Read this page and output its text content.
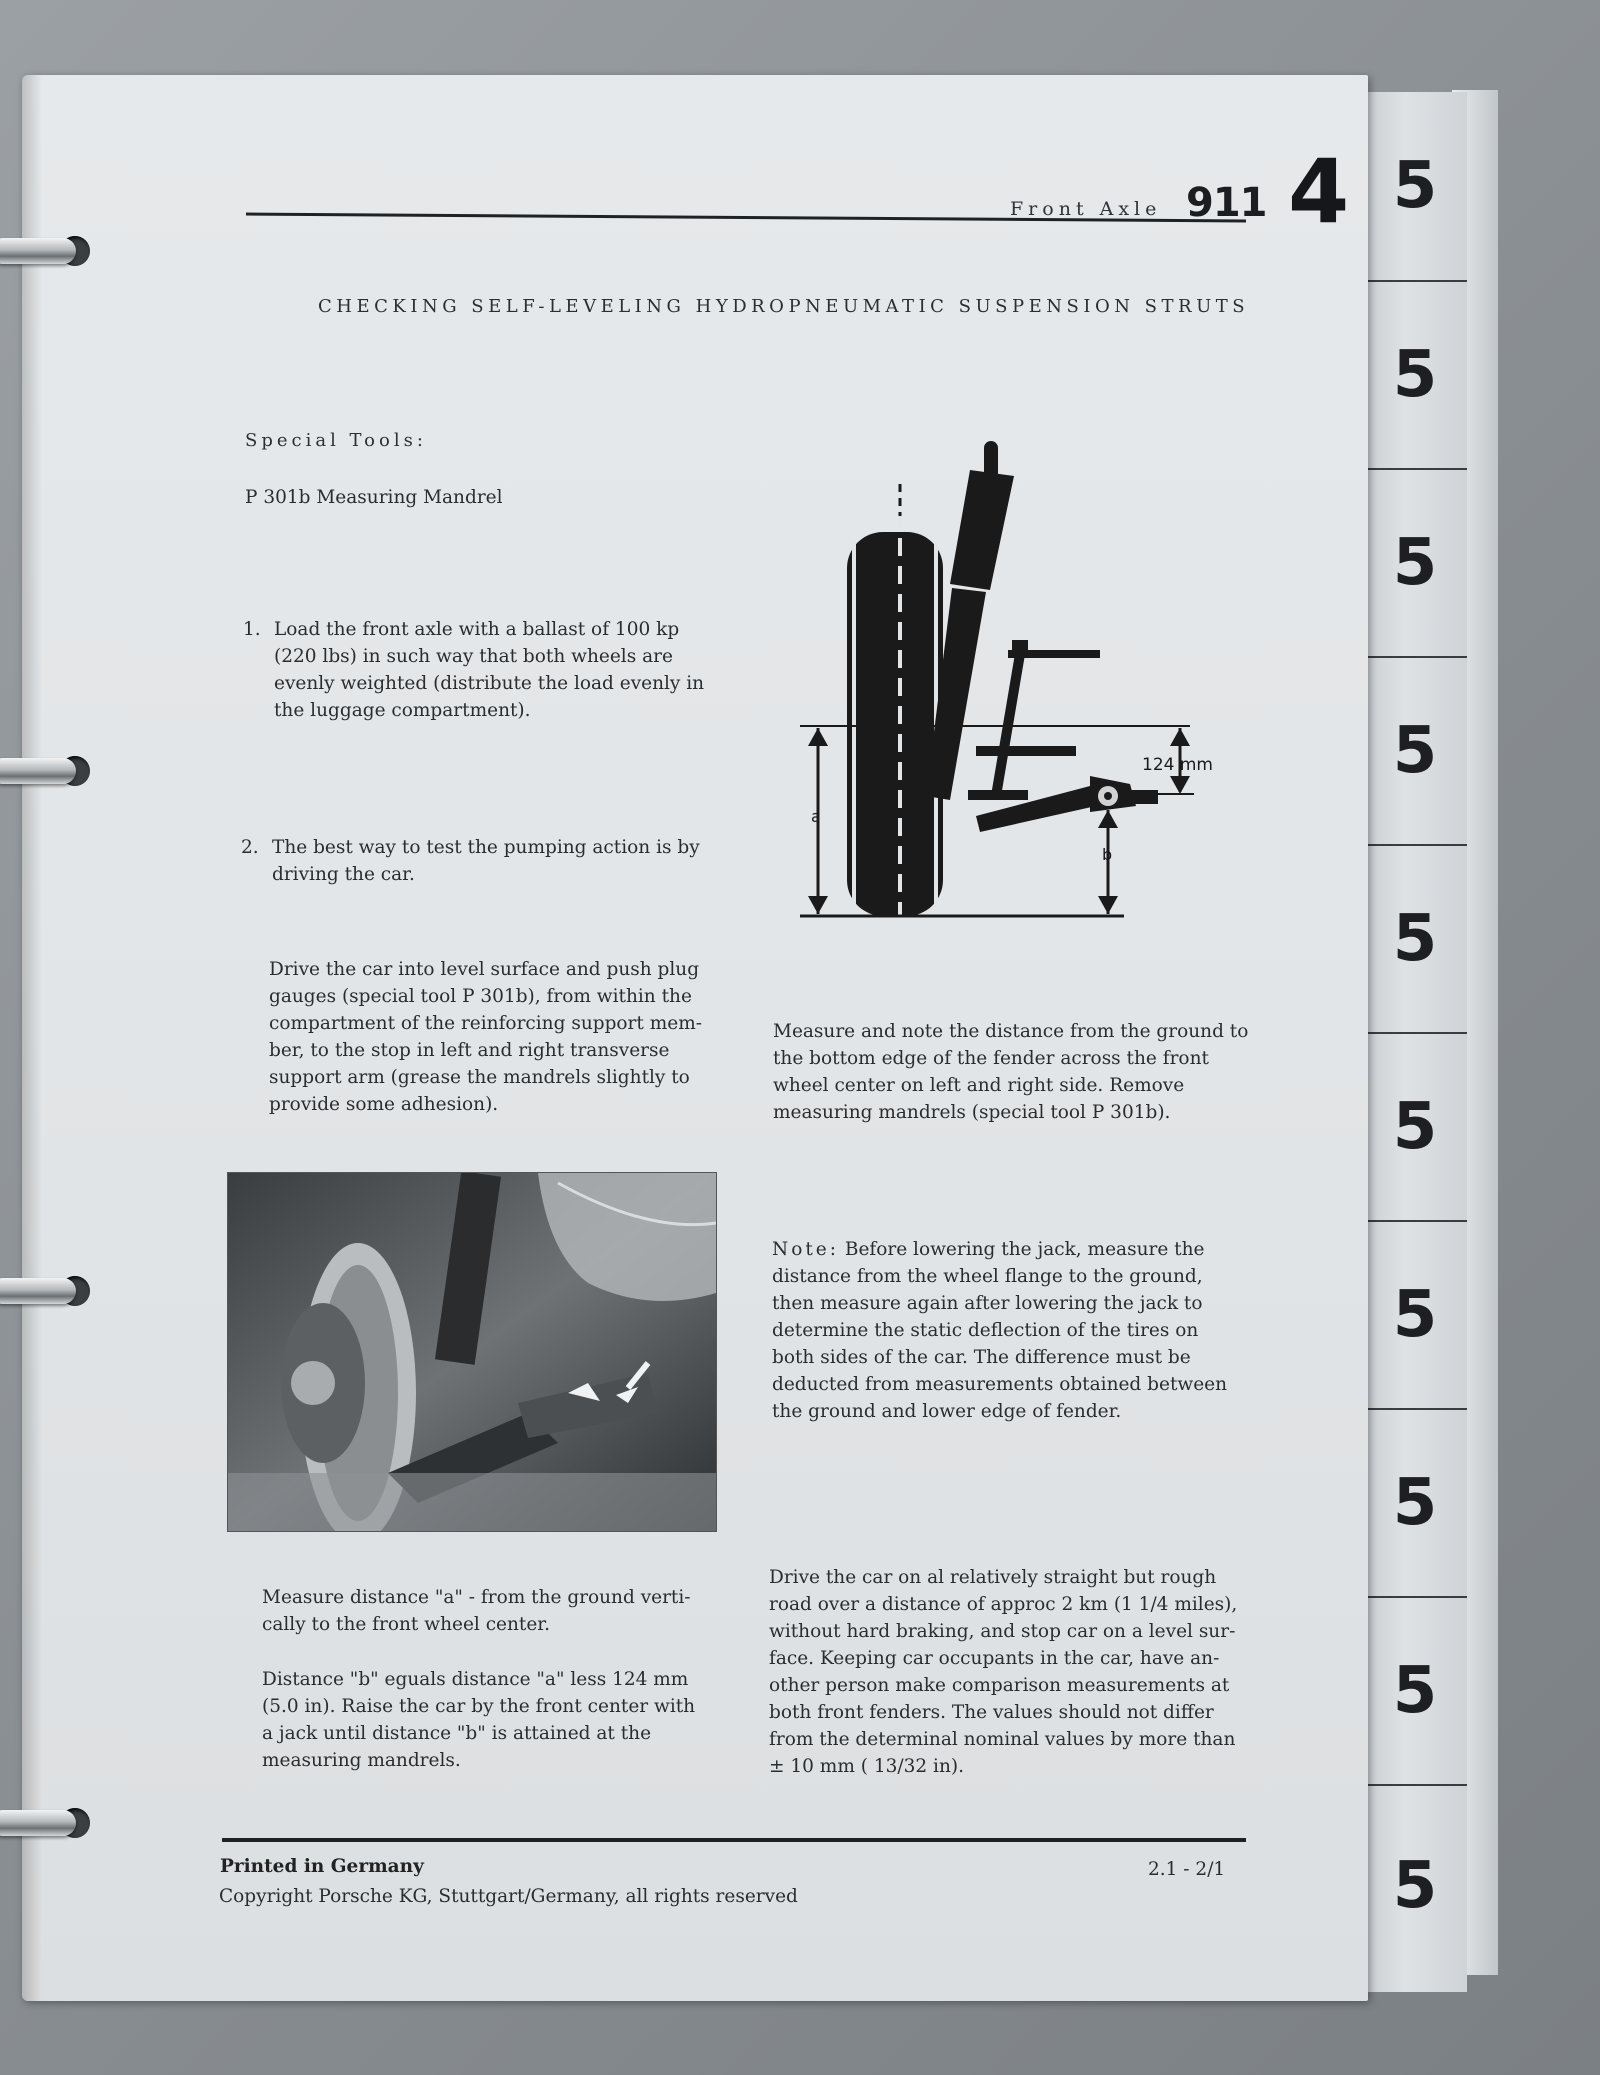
5
5
5
5
5
5
5
5
5
5
Front Axle 911 4
CHECKING SELF-LEVELING HYDROPNEUMATIC SUSPENSION STRUTS
Special Tools:
P 301b Measuring Mandrel
1. Load the front axle with a ballast of 100 kp
(220 lbs) in such way that both wheels are
evenly weighted (distribute the load evenly in
the luggage compartment).
2. The best way to test the pumping action is by
driving the car.
Drive the car into level surface and push plug
gauges (special tool P 301b), from within the
compartment of the reinforcing support mem-
ber, to the stop in left and right transverse
support arm (grease the mandrels slightly to
provide some adhesion).
124 mm
a
b
Measure and note the distance from the ground to
the bottom edge of the fender across the front
wheel center on left and right side. Remove
measuring mandrels (special tool P 301b).
Note: Before lowering the jack, measure the
distance from the wheel flange to the ground,
then measure again after lowering the jack to
determine the static deflection of the tires on
both sides of the car. The difference must be
deducted from measurements obtained between
the ground and lower edge of fender.
Measure distance "a" - from the ground verti-
cally to the front wheel center.
Distance "b" eguals distance "a" less 124 mm
(5.0 in). Raise the car by the front center with
a jack until distance "b" is attained at the
measuring mandrels.
Drive the car on al relatively straight but rough
road over a distance of approc 2 km (1 1/4 miles),
without hard braking, and stop car on a level sur-
face. Keeping car occupants in the car, have an-
other person make comparison measurements at
both front fenders. The values should not differ
from the determinal nominal values by more than
± 10 mm ( 13/32 in).
Printed in Germany
Copyright Porsche KG, Stuttgart/Germany, all rights reserved
2.1 - 2/1
